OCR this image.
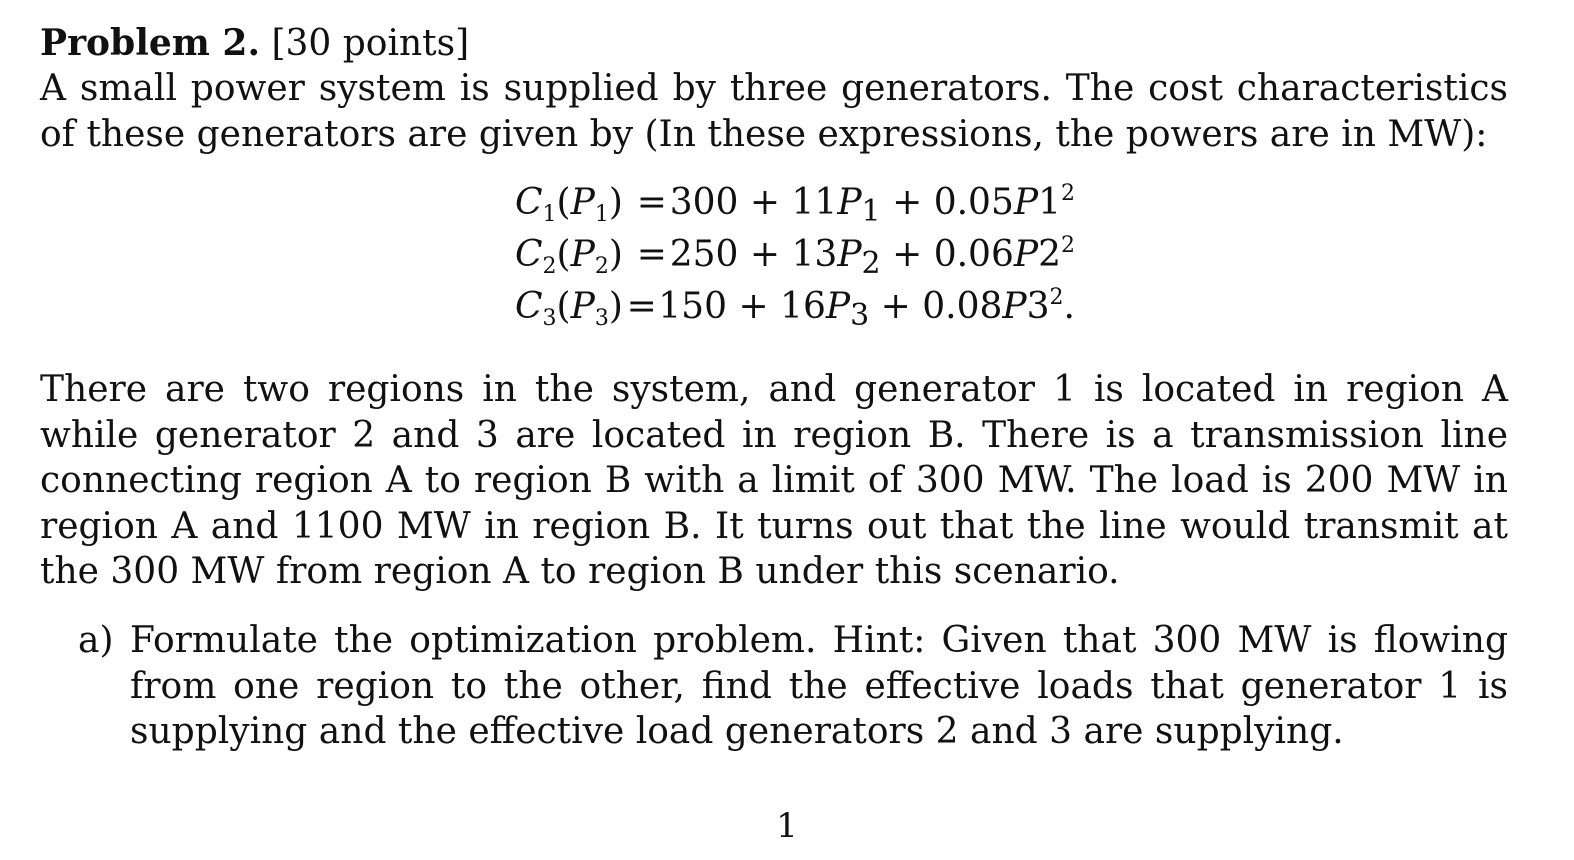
Problem 2. [30 points]

A small power system is supplied by three generators. The cost characteristics of these generators are given by (In these expressions, the powers are in MW):

$C_1(P_1) = 300 + 11P_1 + 0.05P1^2$
$C_2(P_2) = 250 + 13P_2 + 0.06P2^2$
$C_3(P_3) = 150 + 16P_3 + 0.08P3^2$.

There are two regions in the system, and generator 1 is located in region A while generator 2 and 3 are located in region B. There is a transmission line connecting region A to region B with a limit of 300 MW. The load is 200 MW in region A and 1100 MW in region B. It turns out that the line would transmit at the 300 MW from region A to region B under this scenario.

a) Formulate the optimization problem. Hint: Given that 300 MW is flowing from one region to the other, find the effective loads that generator 1 is supplying and the effective load generators 2 and 3 are supplying.

1
